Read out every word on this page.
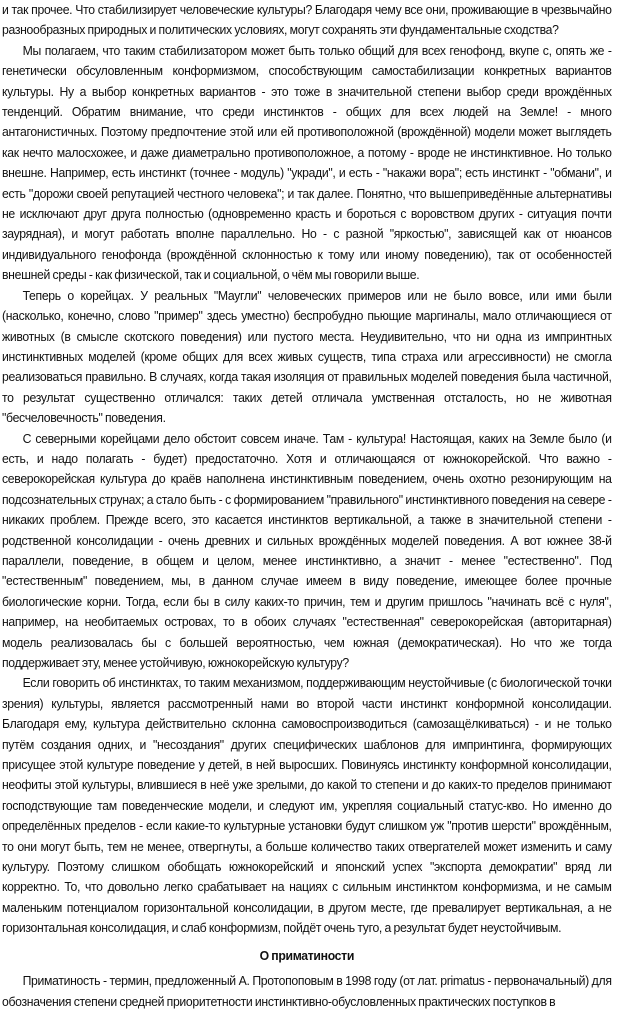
и так прочее. Что стабилизирует человеческие культуры? Благодаря чему все они, проживающие в чрезвычайно разнообразных природных и политических условиях, могут сохранять эти фундаментальные сходства?

Мы полагаем, что таким стабилизатором может быть только общий для всех генофонд, вкупе с, опять же - генетически обсуловленным конформизмом, способствующим самостабилизации конкретных вариантов культуры. Ну а выбор конкретных вариантов - это тоже в значительной степени выбор среди врождённых тенденций. Обратим внимание, что среди инстинктов - общих для всех людей на Земле! - много антагонистичных. Поэтому предпочтение этой или ей противоположной (врождённой) модели может выглядеть как нечто малосхожее, и даже диаметрально противоположное, а потому - вроде не инстинктивное. Но только внешне. Например, есть инстинкт (точнее - модуль) "укради", и есть - "накажи вора"; есть инстинкт - "обмани", и есть "дорожи своей репутацией честного человека"; и так далее. Понятно, что вышеприведённые альтернативы не исключают друг друга полностью (одновременно красть и бороться с воровством других - ситуация почти заурядная), и могут работать вполне параллельно. Но - с разной "яркостью", зависящей как от нюансов индивидуального генофонда (врождённой склонностью к тому или иному поведению), так от особенностей внешней среды - как физической, так и социальной, о чём мы говорили выше.

Теперь о корейцах. У реальных "Маугли" человеческих примеров или не было вовсе, или ими были (насколько, конечно, слово "пример" здесь уместно) беспробудно пьющие маргиналы, мало отличающиеся от животных (в смысле скотского поведения) или пустого места. Неудивительно, что ни одна из импринтных инстинктивных моделей (кроме общих для всех живых существ, типа страха или агрессивности) не смогла реализоваться правильно. В случаях, когда такая изоляция от правильных моделей поведения была частичной, то результат существенно отличался: таких детей отличала умственная отсталость, но не животная "бесчеловечность" поведения.

С северными корейцами дело обстоит совсем иначе. Там - культура! Настоящая, каких на Земле было (и есть, и надо полагать - будет) предостаточно. Хотя и отличающаяся от южнокорейской. Что важно - северокорейская культура до краёв наполнена инстинктивным поведением, очень охотно резонирующим на подсознательных струнах; а стало быть - с формированием "правильного" инстинктивного поведения на севере - никаких проблем. Прежде всего, это касается инстинктов вертикальной, а также в значительной степени - родственной консолидации - очень древних и сильных врождённых моделей поведения. А вот южнее 38-й параллели, поведение, в общем и целом, менее инстинктивно, а значит - менее "естественно". Под "естественным" поведением, мы, в данном случае имеем в виду поведение, имеющее более прочные биологические корни. Тогда, если бы в силу каких-то причин, тем и другим пришлось "начинать всё с нуля", например, на необитаемых островах, то в обоих случаях "естественная" северокорейская (авторитарная) модель реализовалась бы с большей вероятностью, чем южная (демократическая). Но что же тогда поддерживает эту, менее устойчивую, южнокорейскую культуру?

Если говорить об инстинктах, то таким механизмом, поддерживающим неустойчивые (с биологической точки зрения) культуры, является рассмотренный нами во второй части инстинкт конформной консолидации. Благодаря ему, культура действительно склонна самовоспроизводиться (самозащёлкиваться) - и не только путём создания одних, и "несоздания" других специфических шаблонов для импринтинга, формирующих присущее этой культуре поведение у детей, в ней выросших. Повинуясь инстинкту конформной консолидации, неофиты этой культуры, влившиеся в неё уже зрелыми, до какой то степени и до каких-то пределов принимают господствующие там поведенческие модели, и следуют им, укрепляя социальный статус-кво. Но именно до определённых пределов - если какие-то культурные установки будут слишком уж "против шерсти" врождённым, то они могут быть, тем не менее, отвергнуты, а больше количество таких отвергателей может изменить и саму культуру. Поэтому слишком обобщать южнокорейский и японский успех "экспорта демократии" вряд ли корректно. То, что довольно легко срабатывает на нациях с сильным инстинктом конформизма, и не самым маленьким потенциалом горизонтальной консолидации, в другом месте, где превалирует вертикальная, а не горизонтальная консолидация, и слаб конформизм, пойдёт очень туго, а результат будет неустойчивым.

О приматиности

Приматиность - термин, предложенный А. Протопоповым в 1998 году (от лат. primatus - первоначальный) для обозначения степени средней приоритетности инстинктивно-обусловленных практических поступков в
